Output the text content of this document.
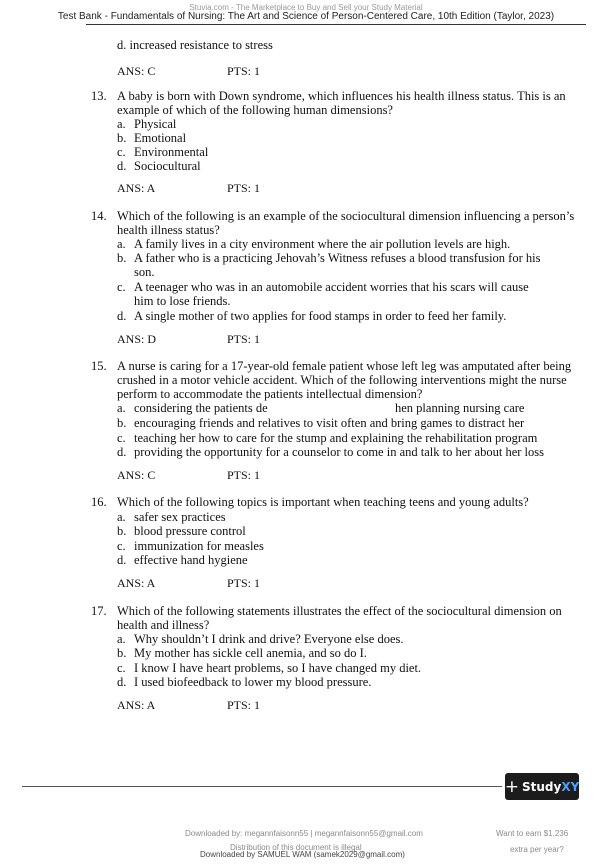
Stuvia.com - The Marketplace to Buy and Sell your Study Material
Test Bank - Fundamentals of Nursing: The Art and Science of Person-Centered Care, 10th Edition (Taylor, 2023)
d. increased resistance to stress
ANS: C	PTS: 1
13. A baby is born with Down syndrome, which influences his health illness status. This is an
example of which of the following human dimensions?
a. Physical
b. Emotional
c. Environmental
d. Sociocultural
ANS: A	PTS: 1
14. Which of the following is an example of the sociocultural dimension influencing a person’s
health illness status?
a. A family lives in a city environment where the air pollution levels are high.
b. A father who is a practicing Jehovah’s Witness refuses a blood transfusion for his
son.
c. A teenager who was in an automobile accident worries that his scars will cause
him to lose friends.
d. A single mother of two applies for food stamps in order to feed her family.
ANS: D	PTS: 1
15. A nurse is caring for a 17-year-old female patient whose left leg was amputated after being
crushed in a motor vehicle accident. Which of the following interventions might the nurse
perform to accommodate the patients intellectual dimension?
a. considering the patients de	hen planning nursing care
b. encouraging friends and relatives to visit often and bring games to distract her
c. teaching her how to care for the stump and explaining the rehabilitation program
d. providing the opportunity for a counselor to come in and talk to her about her loss
ANS: C	PTS: 1
16. Which of the following topics is important when teaching teens and young adults?
a. safer sex practices
b. blood pressure control
c. immunization for measles
d. effective hand hygiene
ANS: A	PTS: 1
17. Which of the following statements illustrates the effect of the sociocultural dimension on
health and illness?
a. Why shouldn’t I drink and drive? Everyone else does.
b. My mother has sickle cell anemia, and so do I.
c. I know I have heart problems, so I have changed my diet.
d. I used biofeedback to lower my blood pressure.
ANS: A	PTS: 1
+ Study XY
Downloaded by: megannfaisonn55 | megannfaisonn55@gmail.com
Distribution of this document is illegal
Downloaded by SAMUEL WAM (samek2029@gmail.com)
Want to earn $1.236
extra per year?
